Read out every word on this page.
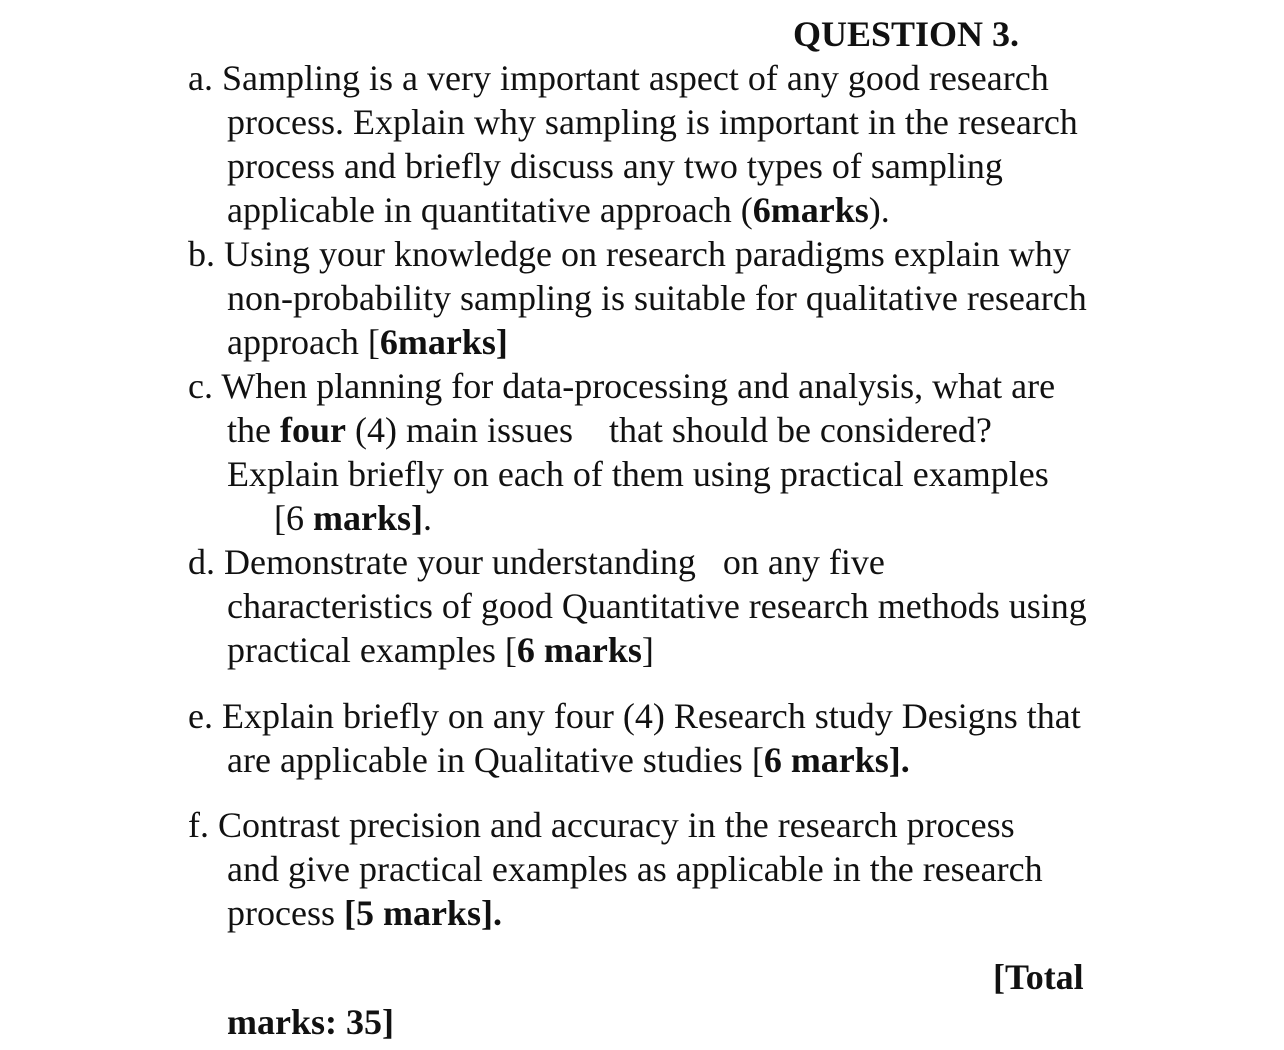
QUESTION 3.
a. Sampling is a very important aspect of any good research
process. Explain why sampling is important in the research
process and briefly discuss any two types of sampling
applicable in quantitative approach (6marks).
b. Using your knowledge on research paradigms explain why
non-probability sampling is suitable for qualitative research
approach [6marks]
c. When planning for data-processing and analysis, what are
the four (4) main issues    that should be considered?
Explain briefly on each of them using practical examples
[6 marks].
d. Demonstrate your understanding   on any five
characteristics of good Quantitative research methods using
practical examples [6 marks]
e. Explain briefly on any four (4) Research study Designs that
are applicable in Qualitative studies [6 marks].
f. Contrast precision and accuracy in the research process
and give practical examples as applicable in the research
process [5 marks].
[Total
marks: 35]
